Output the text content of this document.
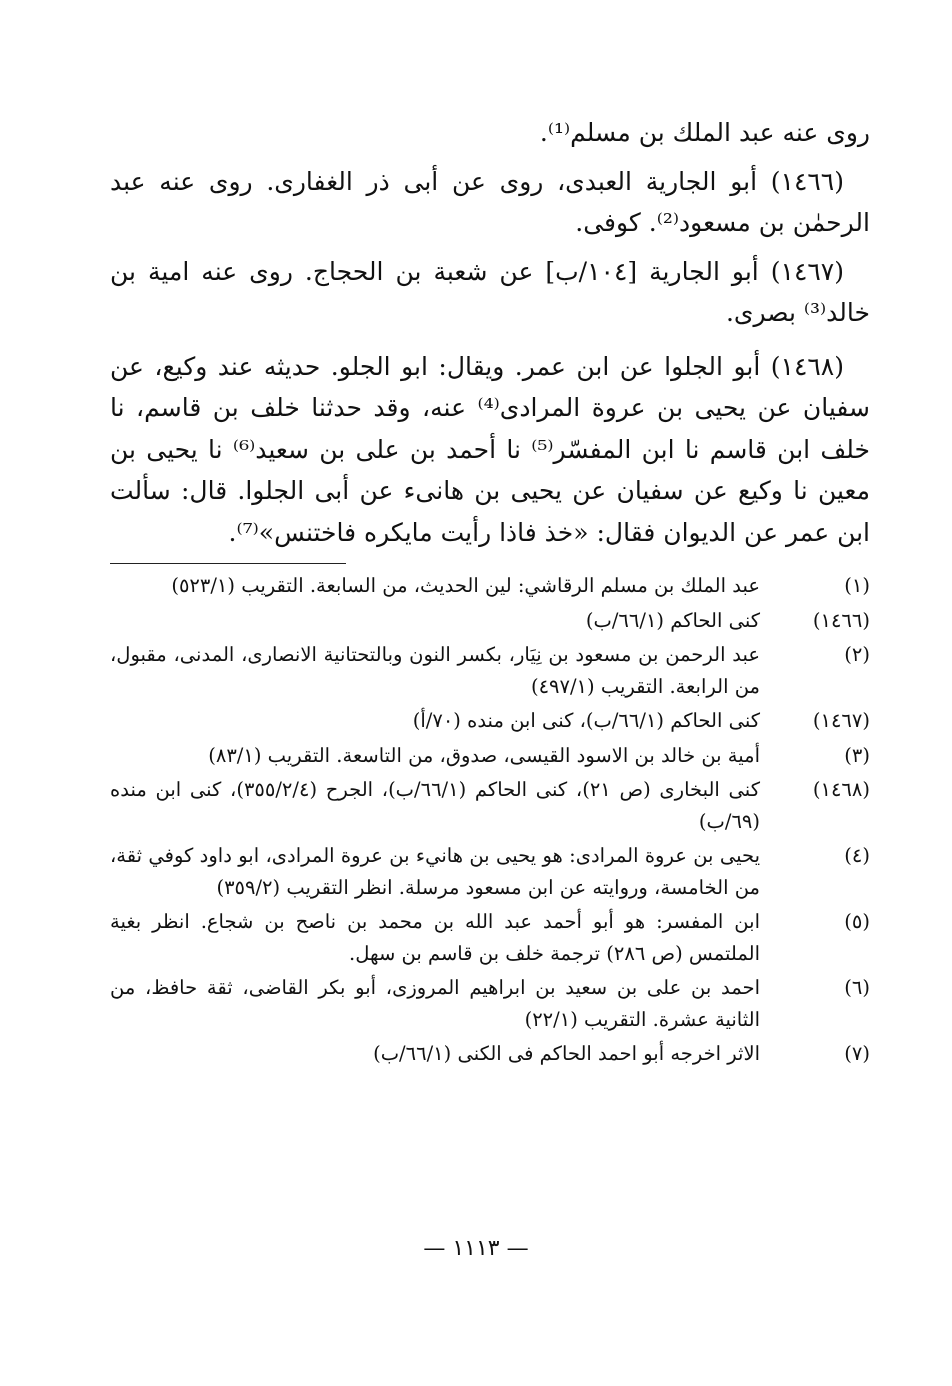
روى عنه عبد الملك بن مسلم⁽¹⁾.

(١٤٦٦) أبو الجارية العبدى، روى عن أبى ذر الغفارى. روى عنه عبد الرحمٰن بن مسعود⁽²⁾. كوفى.

(١٤٦٧) أبو الجارية [١٠٤/ب] عن شعبة بن الحجاج. روى عنه امية بن خالد⁽³⁾ بصرى.

(١٤٦٨) أبو الجلوا عن ابن عمر. ويقال: ابو الجلو. حديثه عند وكيع، عن سفيان عن يحيى بن عروة المرادى⁽⁴⁾ عنه، وقد حدثنا خلف بن قاسم، نا خلف ابن قاسم نا ابن المفسّر⁽⁵⁾ نا أحمد بن على بن سعيد⁽⁶⁾ نا يحيى بن معين نا وكيع عن سفيان عن يحيى بن هانىء عن أبى الجلوا. قال: سألت ابن عمر عن الديوان فقال: «خذ فاذا رأيت مايكره فاختنس»⁽⁷⁾.

(١)
عبد الملك بن مسلم الرقاشي: لين الحديث، من السابعة. التقريب (٥٢٣/١)
(١٤٦٦)
كنى الحاكم (٦٦/١/ب)
(٢)
عبد الرحمن بن مسعود بن نِيَار، بكسر النون وبالتحتانية الانصارى، المدنى، مقبول، من الرابعة. التقريب (٤٩٧/١)
(١٤٦٧)
كنى الحاكم (٦٦/١/ب)، كنى ابن منده (٧٠/أ)
(٣)
أمية بن خالد بن الاسود القيسى، صدوق، من التاسعة. التقريب (٨٣/١)
(١٤٦٨)
كنى البخارى (ص ٢١)، كنى الحاكم (٦٦/١/ب)، الجرح (٣٥٥/٢/٤)، كنى ابن منده (٦٩/ب)
(٤)
يحيى بن عروة المرادى: هو يحيى بن هانيء بن عروة المرادى، ابو داود كوفي ثقة، من الخامسة، وروايته عن ابن مسعود مرسلة. انظر التقريب (٣٥٩/٢)
(٥)
ابن المفسر: هو أبو أحمد عبد الله بن محمد بن ناصح بن شجاع. انظر بغية الملتمس (ص ٢٨٦) ترجمة خلف بن قاسم بن سهل.
(٦)
احمد بن على بن سعيد بن ابراهيم المروزى، أبو بكر القاضى، ثقة حافظ، من الثانية عشرة. التقريب (٢٢/١)
(٧)
الاثر اخرجه أبو احمد الحاكم فى الكنى (٦٦/١/ب)
— ١١١٣ —
